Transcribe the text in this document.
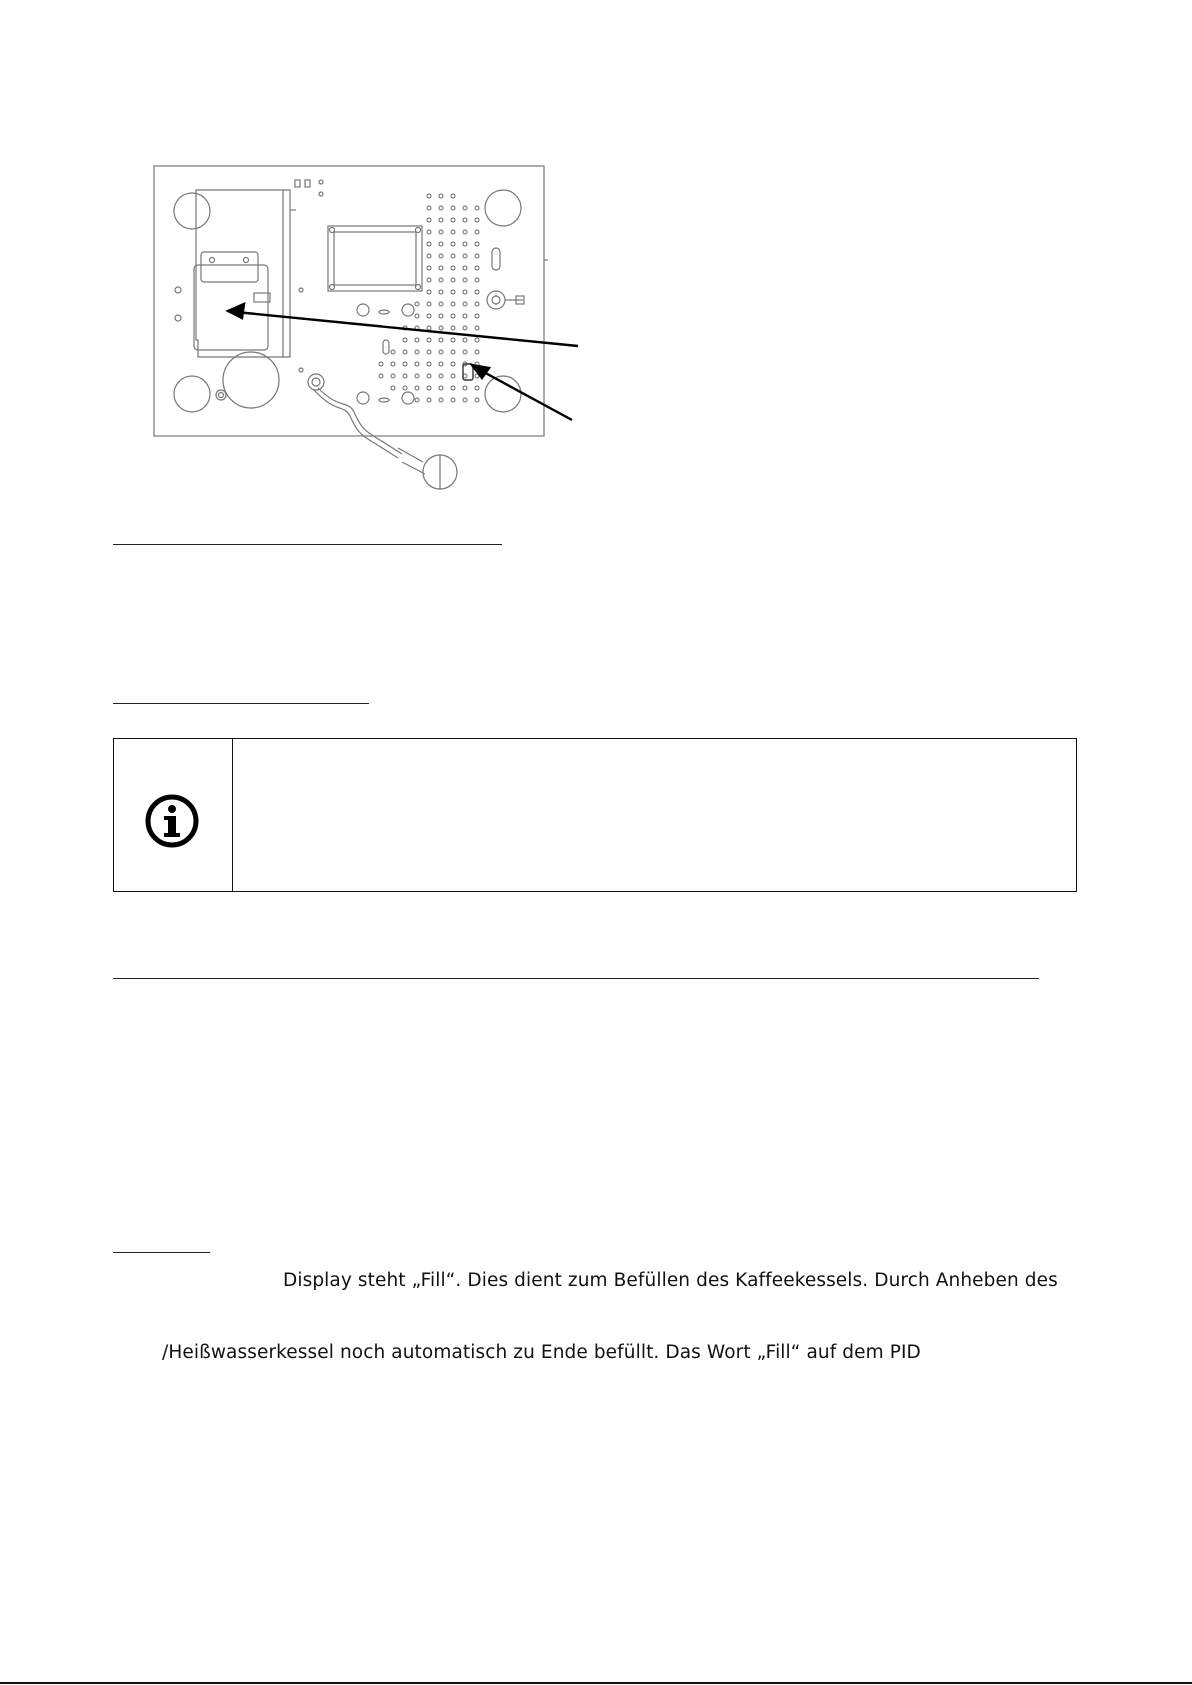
Display steht „Fill“. Dies dient zum Befüllen des Kaffeekessels. Durch Anheben des
/Heißwasserkessel noch automatisch zu Ende befüllt. Das Wort „Fill“ auf dem PID
